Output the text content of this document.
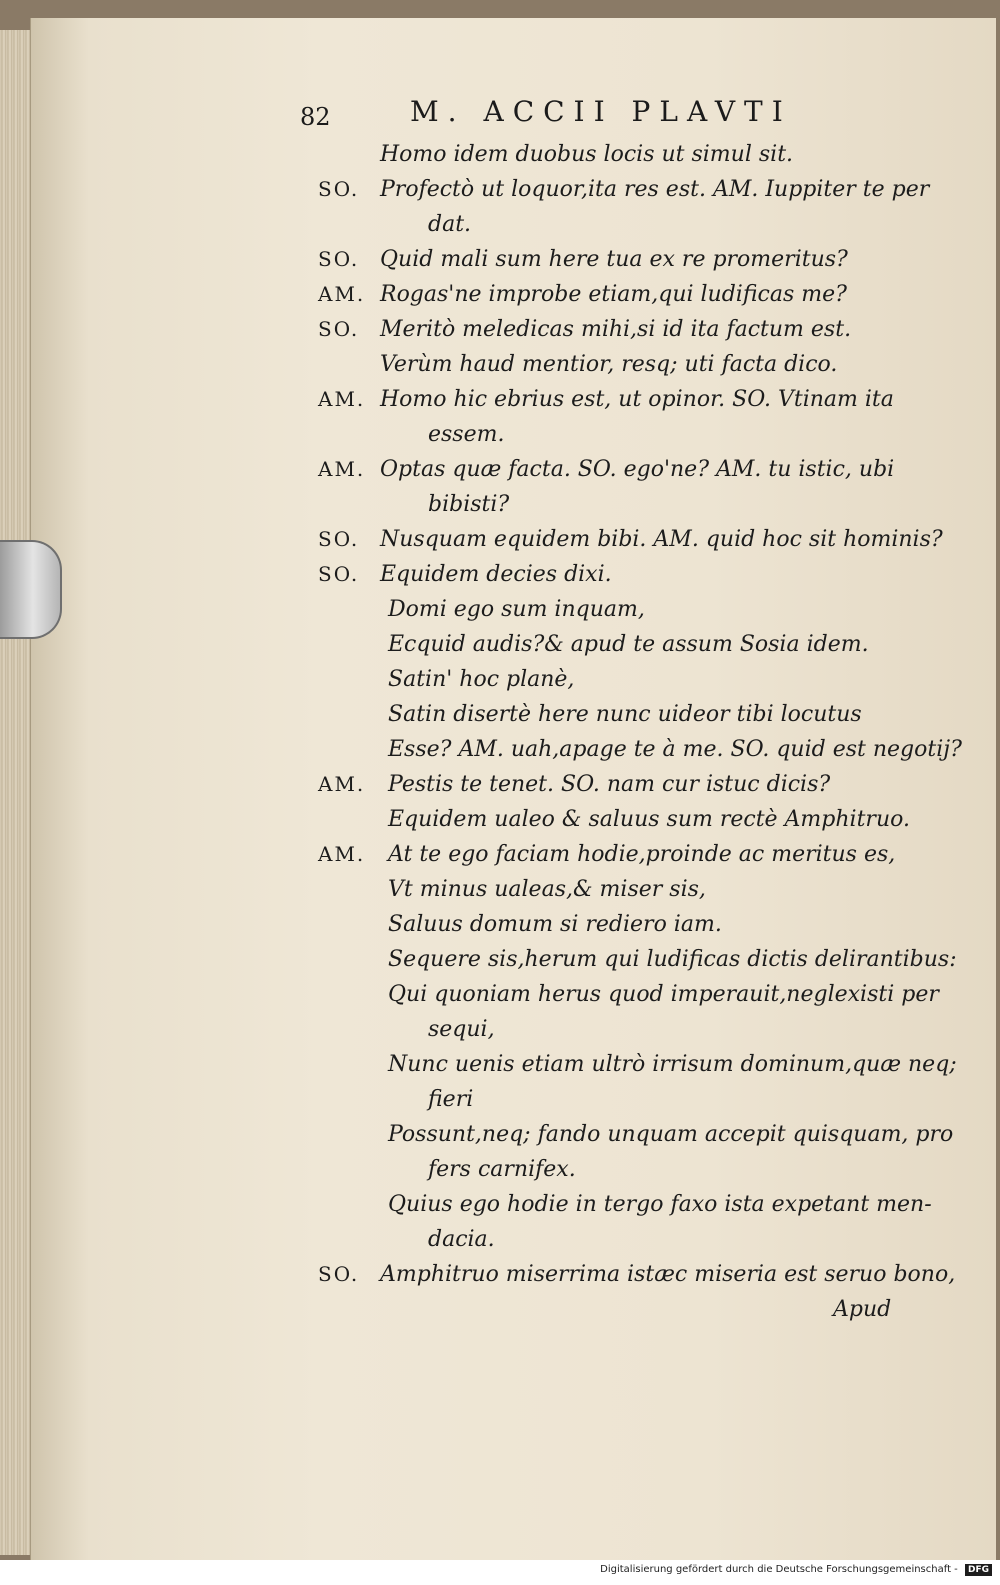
82	M. ACCII PLAVTI
Homo idem duobus locis ut simul sit.
SO. Profectò ut loquor,ita res est. AM. Iuppiter te per
dat.
SO. Quid mali sum here tua ex re promeritus?
AM. Rogas'ne improbe etiam,qui ludificas me?
SO. Meritò meledicas mihi,si id ita factum est.
Verùm haud mentior, resq; uti facta dico.
AM. Homo hic ebrius est, ut opinor. SO. Vtinam ita
essem.
AM. Optas quæ facta. SO. ego'ne? AM. tu istic, ubi
bibisti?
SO. Nusquam equidem bibi. AM. quid hoc sit hominis?
SO. Equidem decies dixi.
Domi ego sum inquam,
Ecquid audis?& apud te assum Sosia idem.
Satin' hoc planè,
Satin disertè here nunc uideor tibi locutus
Esse? AM. uah,apage te à me. SO. quid est negotij?
AM. Pestis te tenet. SO. nam cur istuc dicis?
Equidem ualeo & saluus sum rectè Amphitruo.
AM. At te ego faciam hodie,proinde ac meritus es,
Vt minus ualeas,& miser sis,
Saluus domum si rediero iam.
Sequere sis,herum qui ludificas dictis delirantibus:
Qui quoniam herus quod imperauit,neglexisti per
sequi,
Nunc uenis etiam ultrò irrisum dominum,quæ neq;
fieri
Possunt,neq; fando unquam accepit quisquam, pro
fers carnifex.
Quius ego hodie in tergo faxo ista expetant men-
dacia.
SO. Amphitruo miserrima istæc miseria est seruo bono,
Apud
Digitalisierung gefördert durch die Deutsche Forschungsgemeinschaft - DFG
